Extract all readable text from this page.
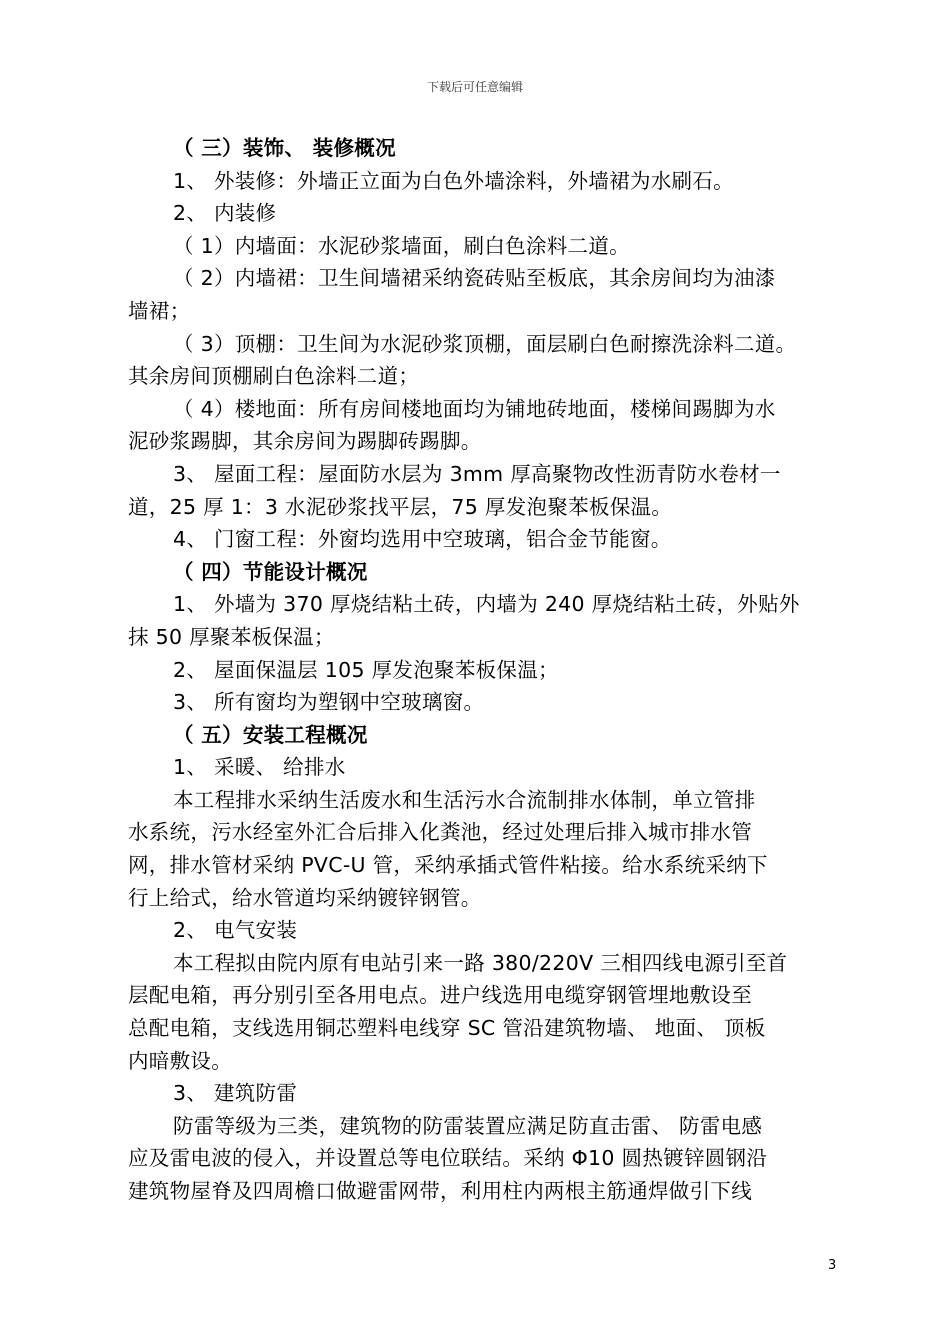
下载后可任意编辑

（ 三）装饰、 装修概况

1、 外装修：外墙正立面为白色外墙涂料，外墙裙为水刷石。

2、 内装修

（ 1）内墙面：水泥砂浆墙面，刷白色涂料二道。

（ 2）内墙裙：卫生间墙裙采纳瓷砖贴至板底，其余房间均为油漆

墙裙；

（ 3）顶棚：卫生间为水泥砂浆顶棚，面层刷白色耐擦洗涂料二道。

其余房间顶棚刷白色涂料二道；

（ 4）楼地面：所有房间楼地面均为铺地砖地面，楼梯间踢脚为水

泥砂浆踢脚，其余房间为踢脚砖踢脚。

3、 屋面工程：屋面防水层为 3mm 厚高聚物改性沥青防水卷材一

道，25 厚 1：3 水泥砂浆找平层，75 厚发泡聚苯板保温。

4、 门窗工程：外窗均选用中空玻璃，铝合金节能窗。

（ 四）节能设计概况

1、 外墙为 370 厚烧结粘土砖，内墙为 240 厚烧结粘土砖，外贴外

抹 50 厚聚苯板保温；

2、 屋面保温层 105 厚发泡聚苯板保温；

3、 所有窗均为塑钢中空玻璃窗。

（ 五）安装工程概况

1、 采暖、 给排水

本工程排水采纳生活废水和生活污水合流制排水体制，单立管排

水系统，污水经室外汇合后排入化粪池，经过处理后排入城市排水管

网，排水管材采纳 PVC-U 管，采纳承插式管件粘接。给水系统采纳下

行上给式，给水管道均采纳镀锌钢管。

2、 电气安装

本工程拟由院内原有电站引来一路 380/220V 三相四线电源引至首

层配电箱，再分别引至各用电点。进户线选用电缆穿钢管埋地敷设至

总配电箱，支线选用铜芯塑料电线穿 SC 管沿建筑物墙、 地面、 顶板

内暗敷设。

3、 建筑防雷

防雷等级为三类，建筑物的防雷装置应满足防直击雷、 防雷电感

应及雷电波的侵入，并设置总等电位联结。采纳 Φ10 圆热镀锌圆钢沿

建筑物屋脊及四周檐口做避雷网带，利用柱内两根主筋通焊做引下线

3
